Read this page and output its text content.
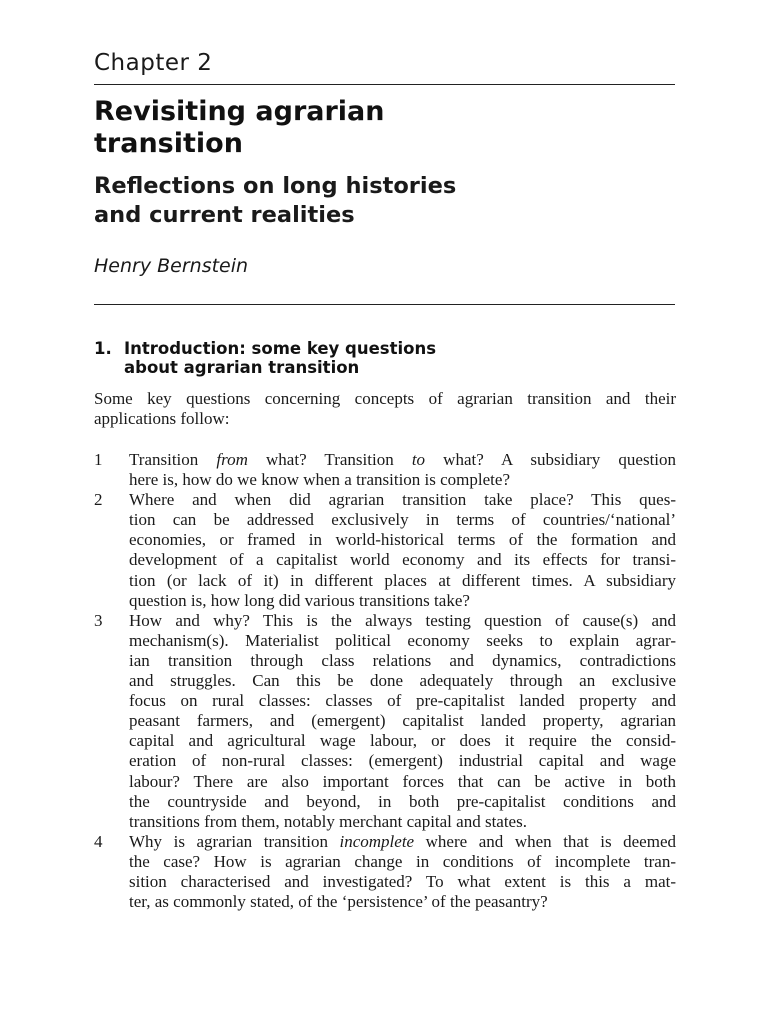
Chapter 2
Revisiting agrarian
transition
Reflections on long histories
and current realities
Henry Bernstein
1. Introduction: some key questions
about agrarian transition

Some key questions concerning concepts of agrarian transition and their
applications follow:

1	Transition from what? Transition to what? A subsidiary question
here is, how do we know when a transition is complete?
2	Where and when did agrarian transition take place? This ques-
tion can be addressed exclusively in terms of countries/‘national’
economies, or framed in world-historical terms of the formation and
development of a capitalist world economy and its effects for transi-
tion (or lack of it) in different places at different times. A subsidiary
question is, how long did various transitions take?
3	How and why? This is the always testing question of cause(s) and
mechanism(s). Materialist political economy seeks to explain agrar-
ian transition through class relations and dynamics, contradictions
and struggles. Can this be done adequately through an exclusive
focus on rural classes: classes of pre-capitalist landed property and
peasant farmers, and (emergent) capitalist landed property, agrarian
capital and agricultural wage labour, or does it require the consid-
eration of non-rural classes: (emergent) industrial capital and wage
labour? There are also important forces that can be active in both
the countryside and beyond, in both pre-capitalist conditions and
transitions from them, notably merchant capital and states.
4	Why is agrarian transition incomplete where and when that is deemed
the case? How is agrarian change in conditions of incomplete tran-
sition characterised and investigated? To what extent is this a mat-
ter, as commonly stated, of the ‘persistence’ of the peasantry?
